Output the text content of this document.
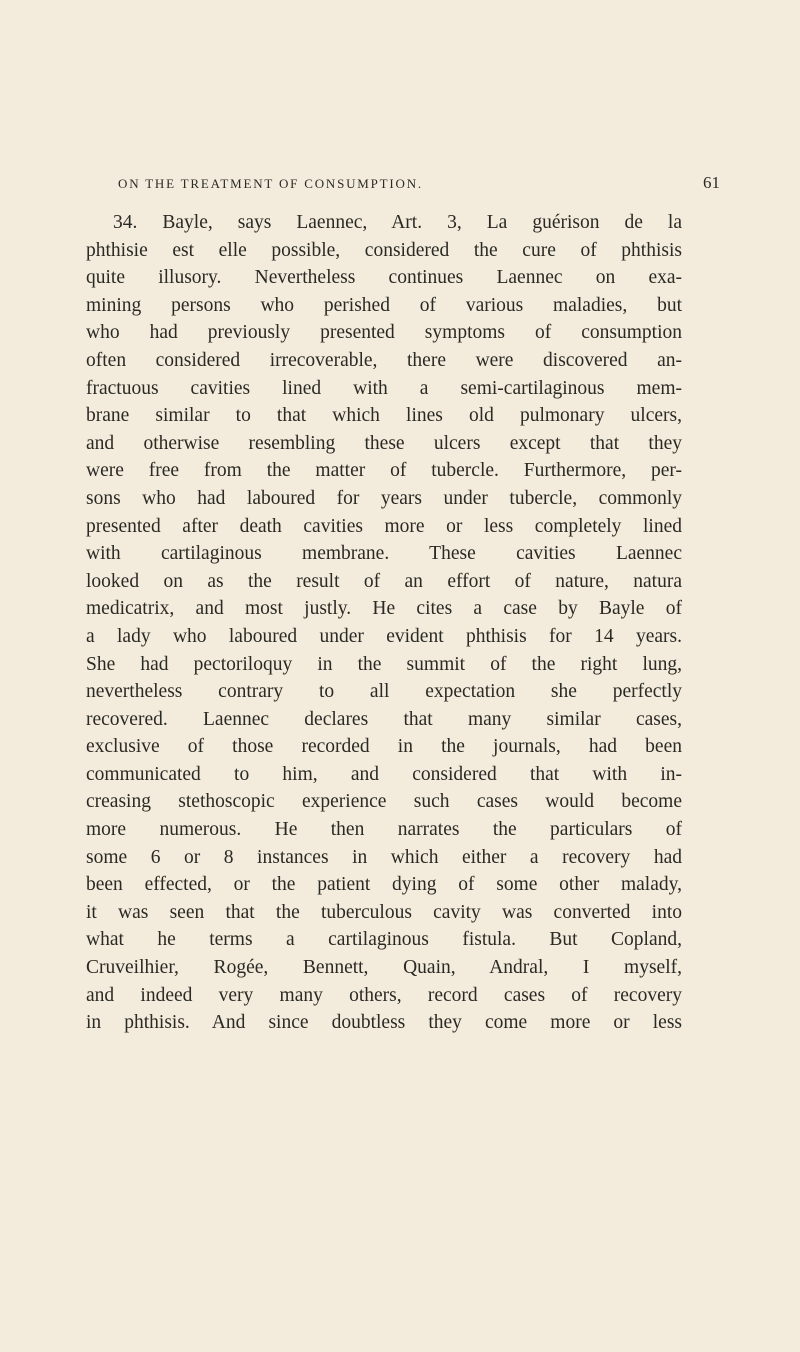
ON THE TREATMENT OF CONSUMPTION.	61
34. Bayle, says Laennec, Art. 3, La guérison de la
phthisie est elle possible, considered the cure of phthisis
quite illusory. Nevertheless continues Laennec on exa-
mining persons who perished of various maladies, but
who had previously presented symptoms of consumption
often considered irrecoverable, there were discovered an-
fractuous cavities lined with a semi-cartilaginous mem-
brane similar to that which lines old pulmonary ulcers,
and otherwise resembling these ulcers except that they
were free from the matter of tubercle. Furthermore, per-
sons who had laboured for years under tubercle, commonly
presented after death cavities more or less completely lined
with cartilaginous membrane. These cavities Laennec
looked on as the result of an effort of nature, natura
medicatrix, and most justly. He cites a case by Bayle of
a lady who laboured under evident phthisis for 14 years.
She had pectoriloquy in the summit of the right lung,
nevertheless contrary to all expectation she perfectly
recovered. Laennec declares that many similar cases,
exclusive of those recorded in the journals, had been
communicated to him, and considered that with in-
creasing stethoscopic experience such cases would become
more numerous. He then narrates the particulars of
some 6 or 8 instances in which either a recovery had
been effected, or the patient dying of some other malady,
it was seen that the tuberculous cavity was converted into
what he terms a cartilaginous fistula. But Copland,
Cruveilhier, Rogée, Bennett, Quain, Andral, I myself,
and indeed very many others, record cases of recovery
in phthisis. And since doubtless they come more or less
